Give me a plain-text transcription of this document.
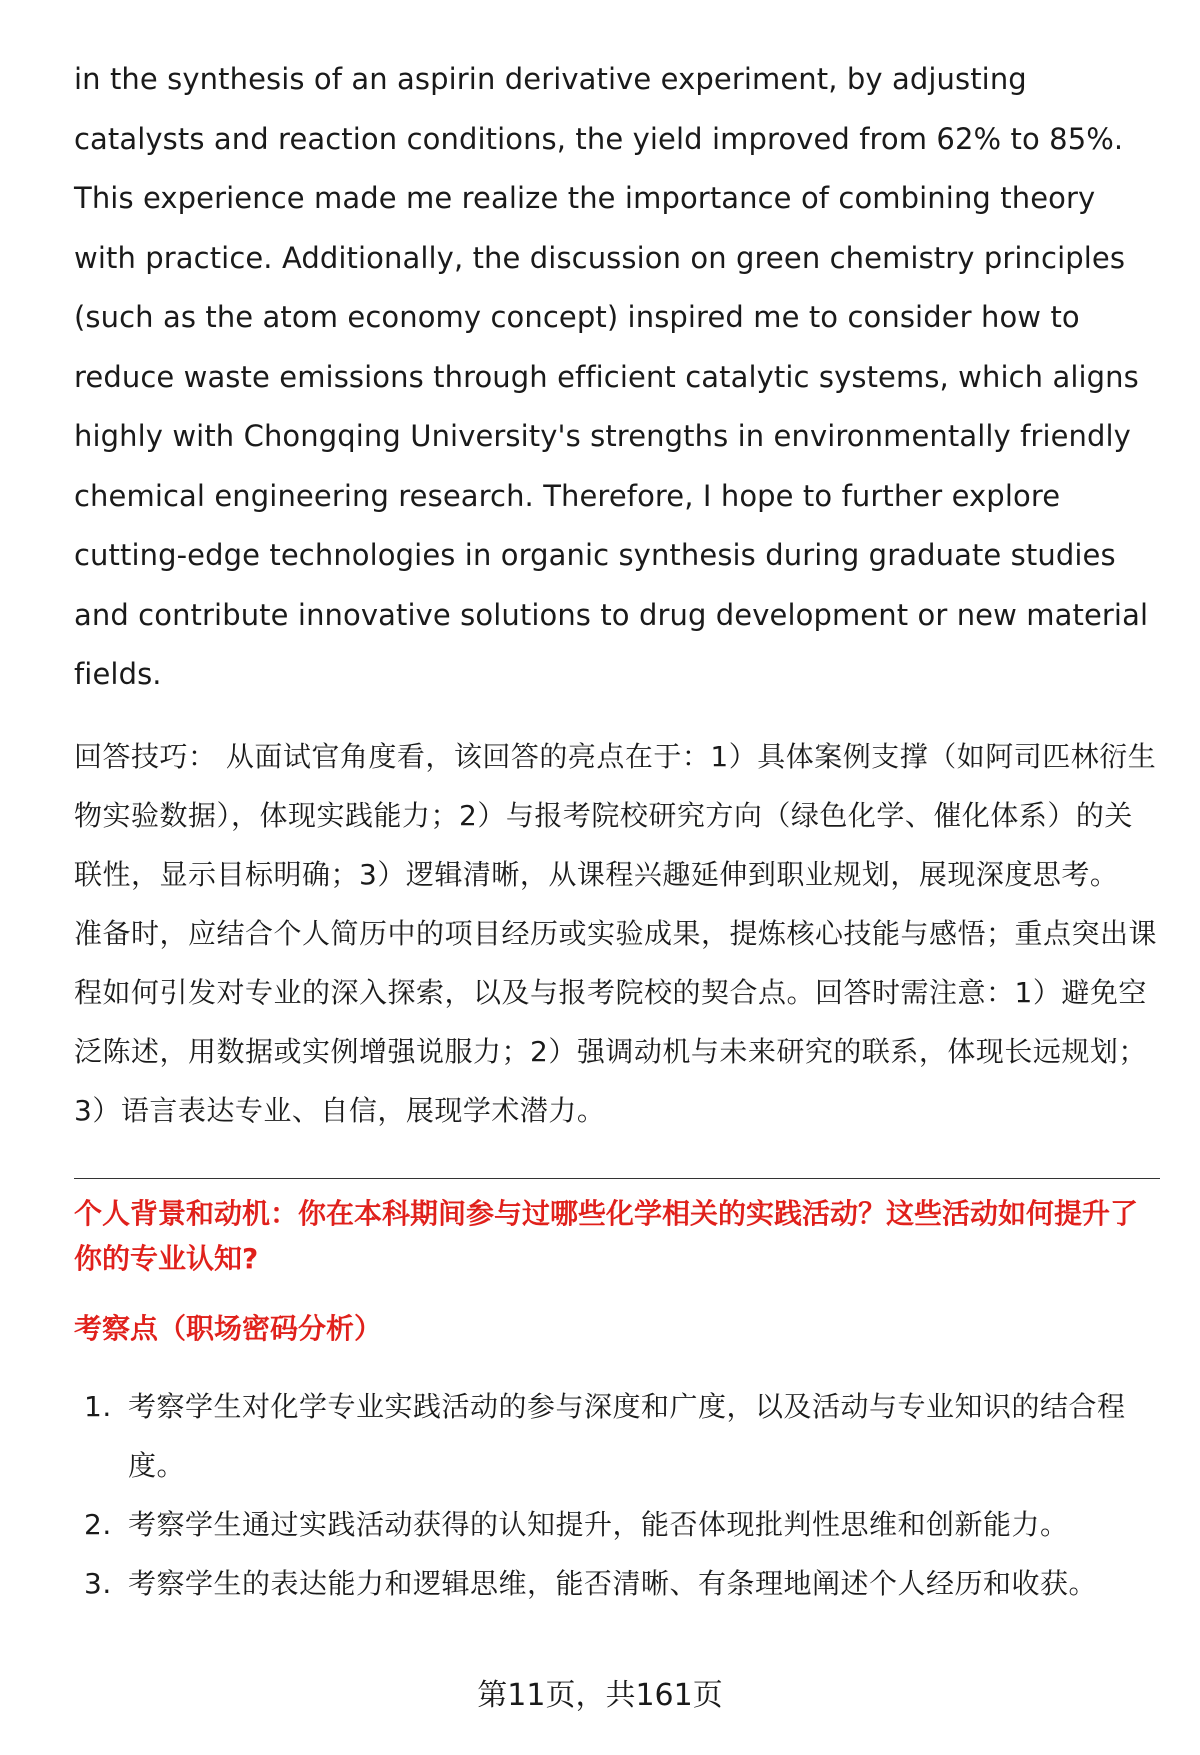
in the synthesis of an aspirin derivative experiment, by adjusting catalysts and reaction conditions, the yield improved from 62% to 85%. This experience made me realize the importance of combining theory with practice. Additionally, the discussion on green chemistry principles (such as the atom economy concept) inspired me to consider how to reduce waste emissions through efficient catalytic systems, which aligns highly with Chongqing University's strengths in environmentally friendly chemical engineering research. Therefore, I hope to further explore cutting-edge technologies in organic synthesis during graduate studies and contribute innovative solutions to drug development or new material fields.

回答技巧： 从面试官角度看，该回答的亮点在于：1）具体案例支撑（如阿司匹林衍生物实验数据），体现实践能力；2）与报考院校研究方向（绿色化学、催化体系）的关联性，显示目标明确；3）逻辑清晰，从课程兴趣延伸到职业规划，展现深度思考。

准备时，应结合个人简历中的项目经历或实验成果，提炼核心技能与感悟；重点突出课程如何引发对专业的深入探索，以及与报考院校的契合点。回答时需注意：1）避免空泛陈述，用数据或实例增强说服力；2）强调动机与未来研究的联系，体现长远规划；3）语言表达专业、自信，展现学术潜力。

个人背景和动机：你在本科期间参与过哪些化学相关的实践活动？这些活动如何提升了你的专业认知?

考察点（职场密码分析）

1. 考察学生对化学专业实践活动的参与深度和广度，以及活动与专业知识的结合程度。
2. 考察学生通过实践活动获得的认知提升，能否体现批判性思维和创新能力。
3. 考察学生的表达能力和逻辑思维，能否清晰、有条理地阐述个人经历和收获。
第11页，共161页
